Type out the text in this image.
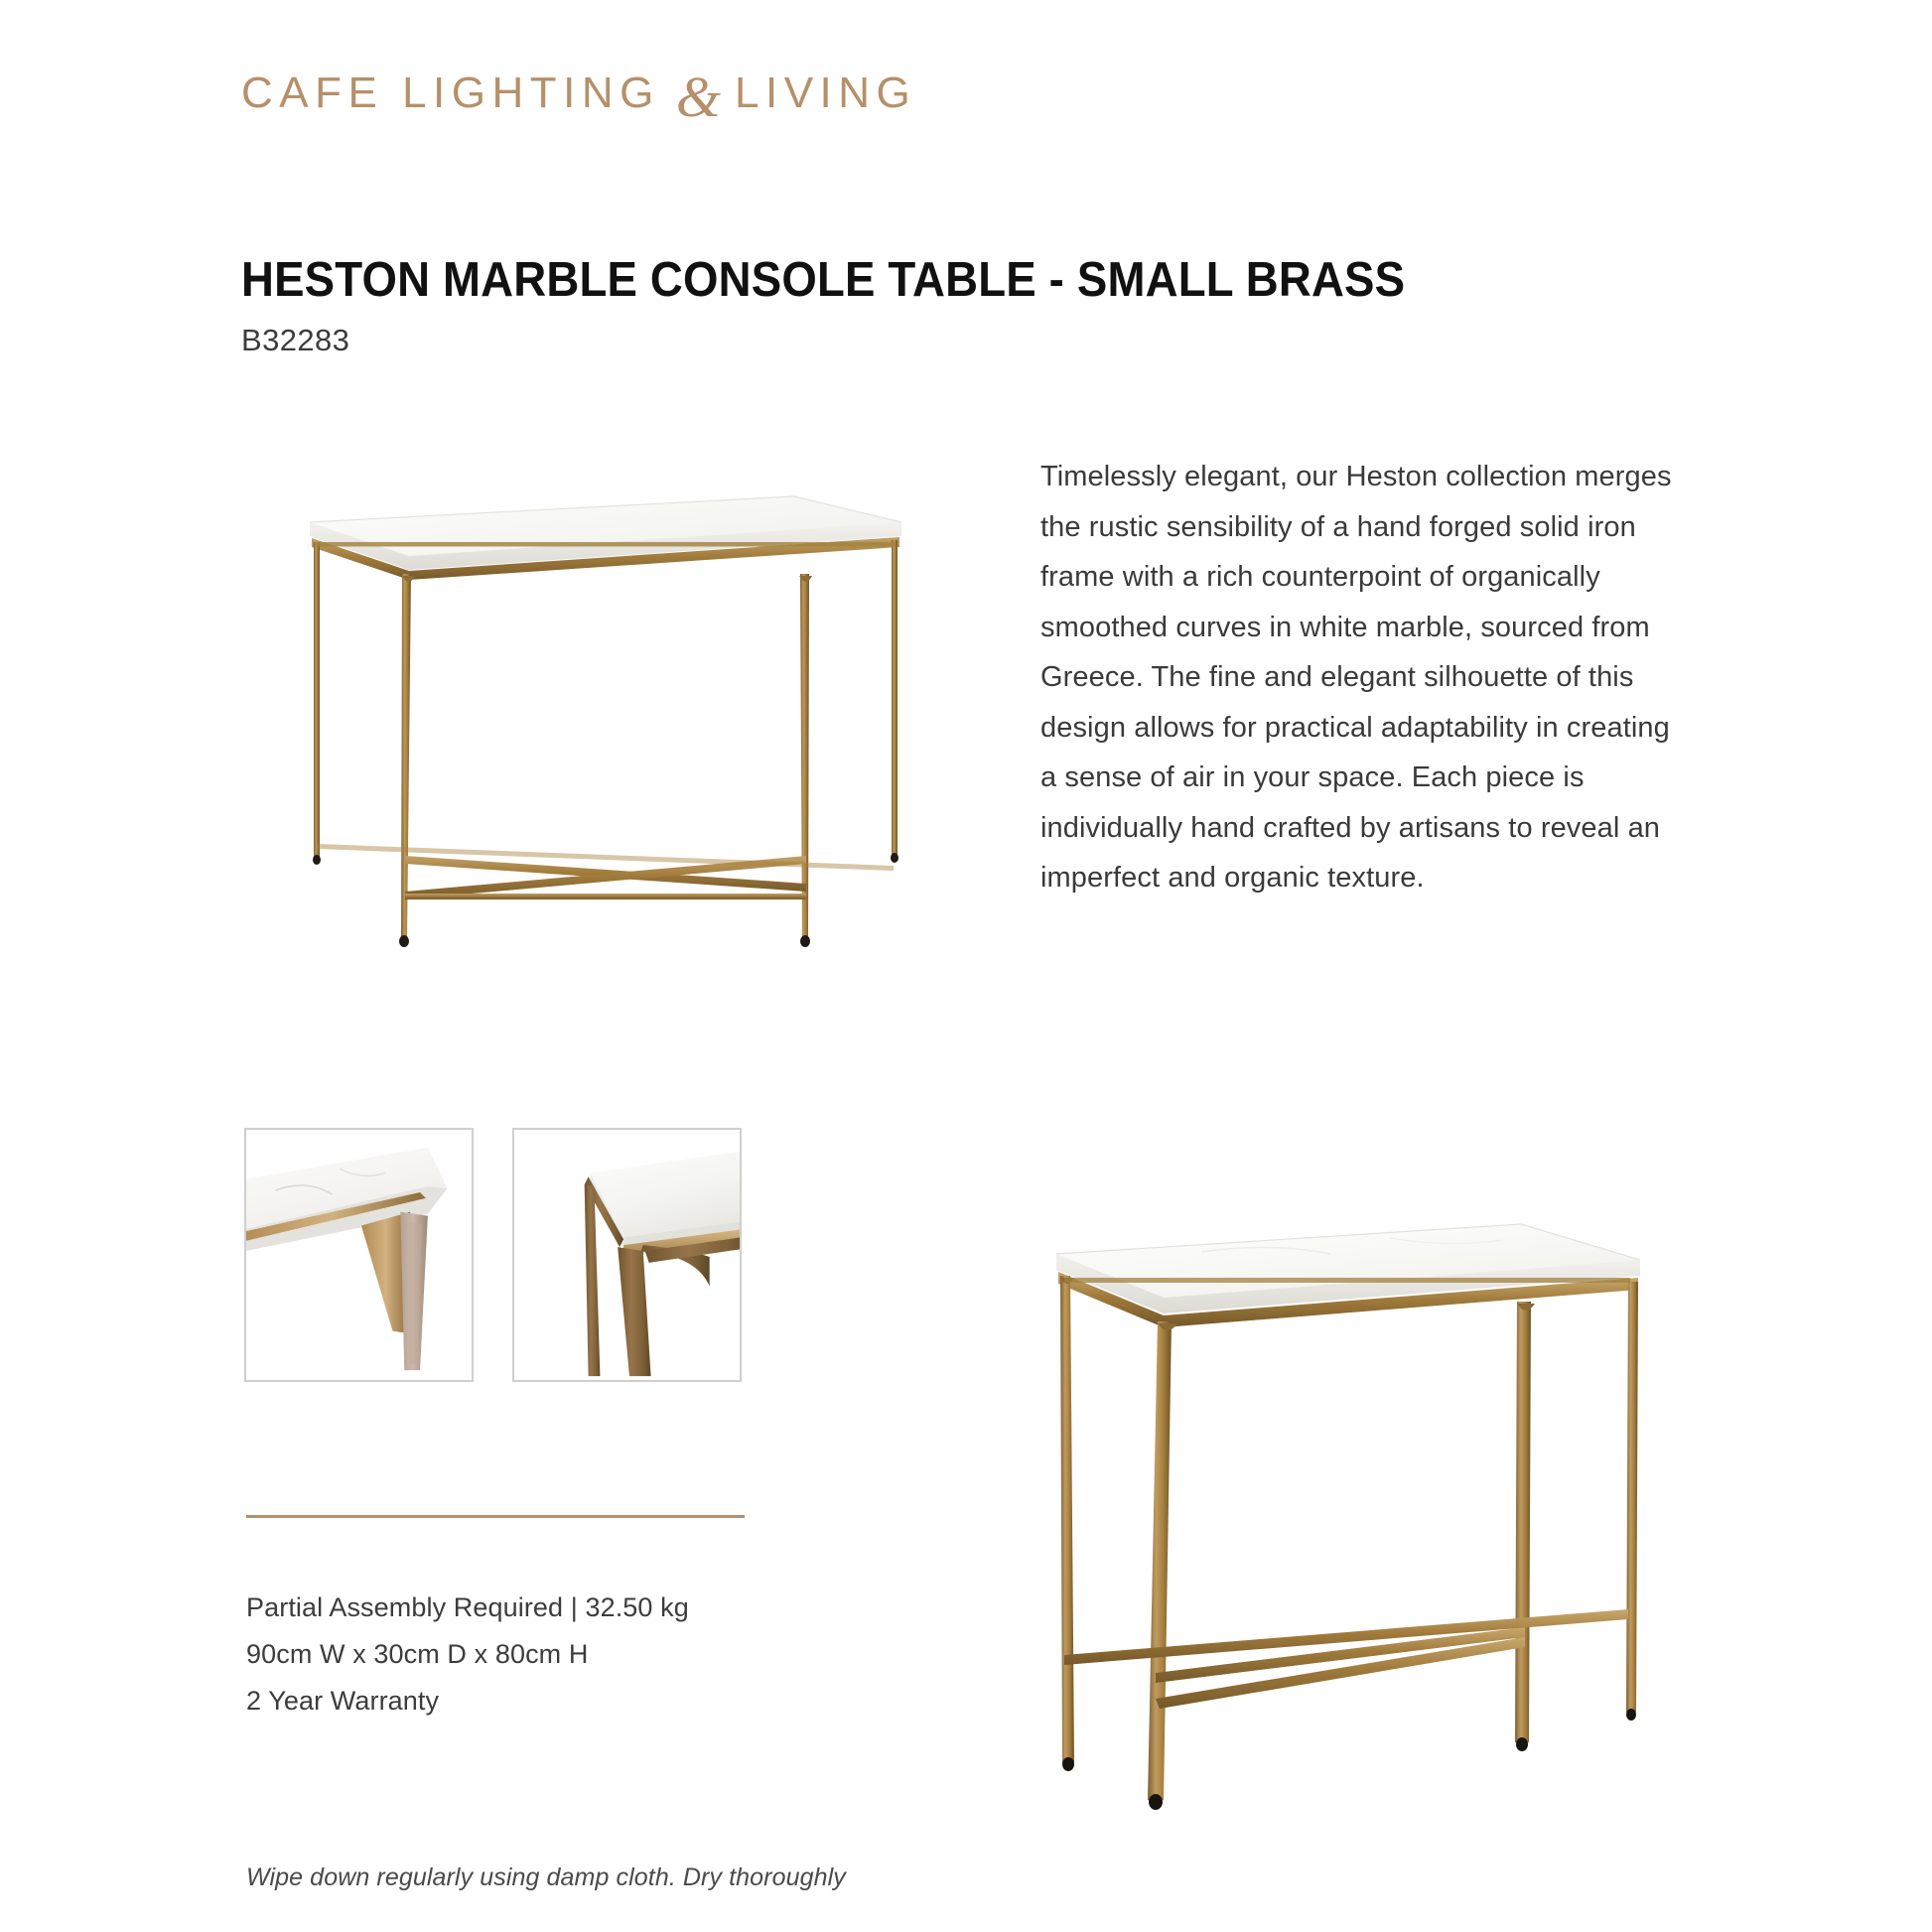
CAFE LIGHTING & LIVING
HESTON MARBLE CONSOLE TABLE - SMALL BRASS
B32283
Timelessly elegant, our Heston collection merges the rustic sensibility of a hand forged solid iron frame with a rich counterpoint of organically smoothed curves in white marble, sourced from Greece. The fine and elegant silhouette of this design allows for practical adaptability in creating a sense of air in your space. Each piece is individually hand crafted by artisans to reveal an imperfect and organic texture.
Partial Assembly Required | 32.50 kg
90cm W x 30cm D x 80cm H
2 Year Warranty
Wipe down regularly using damp cloth. Dry thoroughly
